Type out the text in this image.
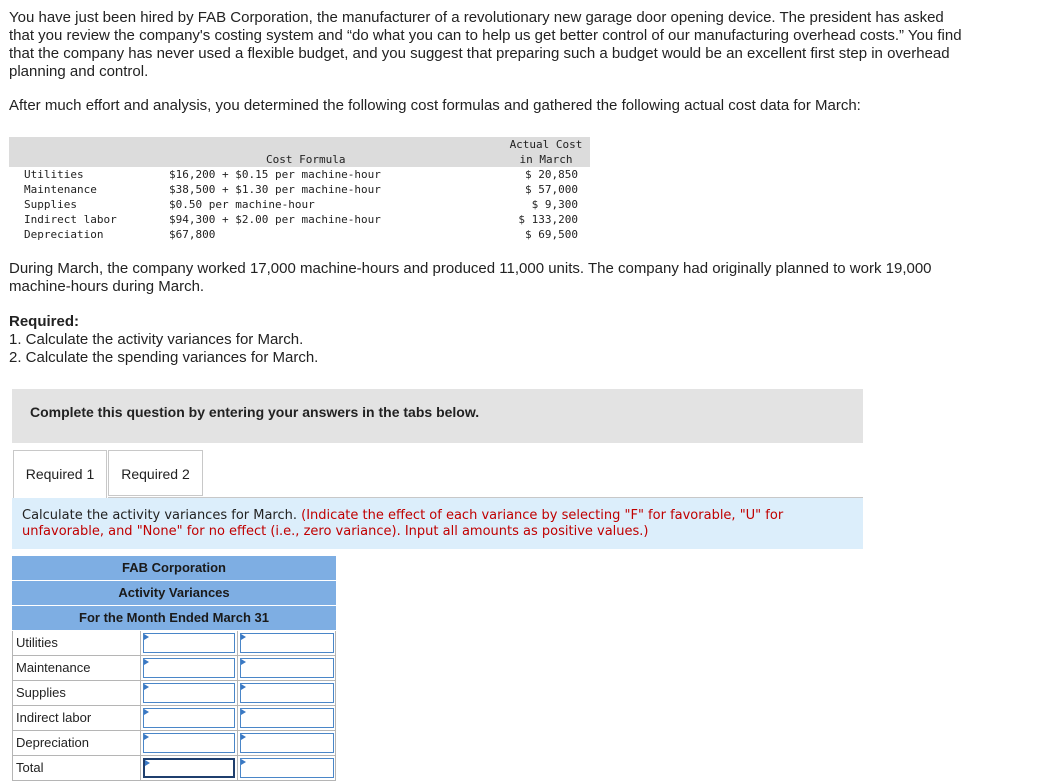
You have just been hired by FAB Corporation, the manufacturer of a revolutionary new garage door opening device. The president has asked that you review the company's costing system and “do what you can to help us get better control of our manufacturing overhead costs.” You find that the company has never used a flexible budget, and you suggest that preparing such a budget would be an excellent first step in overhead planning and control.

After much effort and analysis, you determined the following cost formulas and gathered the following actual cost data for March:

Cost Formula
Actual Cost
in March
Utilities	$16,200 + $0.15 per machine-hour	$ 20,850
Maintenance	$38,500 + $1.30 per machine-hour	$ 57,000
Supplies	$0.50 per machine-hour	$ 9,300
Indirect labor	$94,300 + $2.00 per machine-hour	$ 133,200
Depreciation	$67,800	$ 69,500

During March, the company worked 17,000 machine-hours and produced 11,000 units. The company had originally planned to work 19,000 machine-hours during March.

Required:
1. Calculate the activity variances for March.
2. Calculate the spending variances for March.
Complete this question by entering your answers in the tabs below.
Required 1	Required 2
Calculate the activity variances for March. (Indicate the effect of each variance by selecting "F" for favorable, "U" for unfavorable, and "None" for no effect (i.e., zero variance). Input all amounts as positive values.)
FAB Corporation
Activity Variances
For the Month Ended March 31
Utilities
Maintenance
Supplies
Indirect labor
Depreciation
Total
